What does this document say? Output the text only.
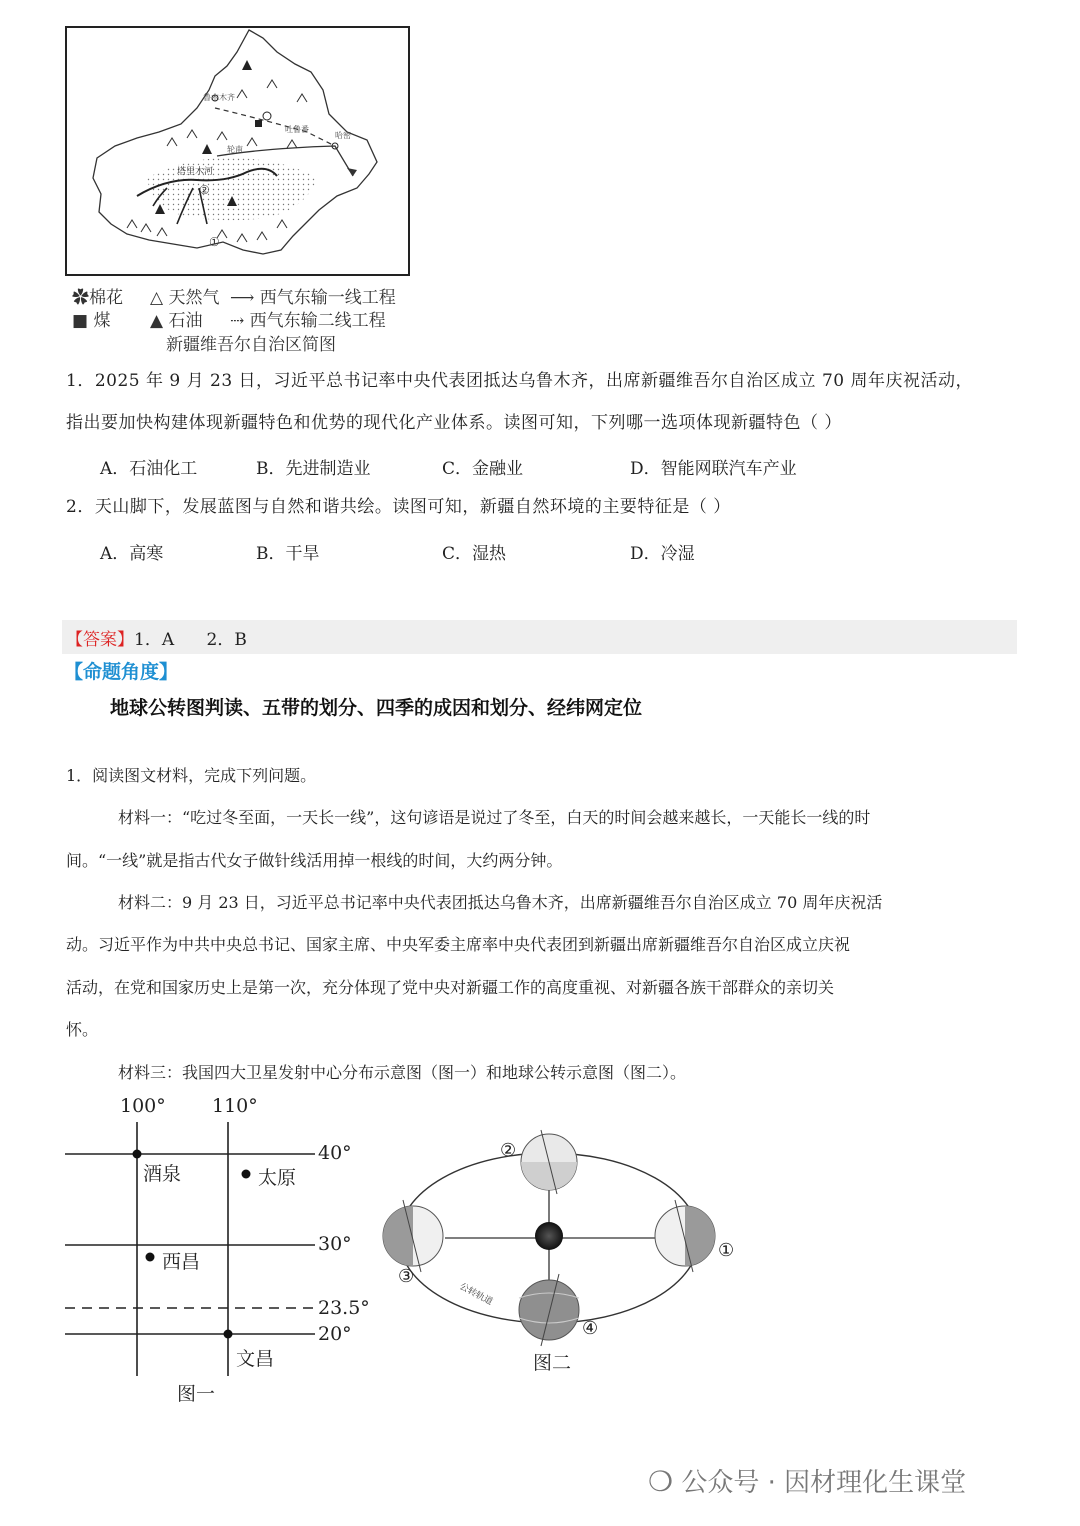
鲁木木齐
吐鲁番
哈密
轮南
塔里木河
②
①
✿棉花 △ 天然气 ⟶ 西气东输一线工程
■ 煤 ▲ 石油 ⇢ 西气东输二线工程
新疆维吾尔自治区简图
1．2025 年 9 月 23 日，习近平总书记率中央代表团抵达乌鲁木齐，出席新疆维吾尔自治区成立 70 周年庆祝活动，
指出要加快构建体现新疆特色和优势的现代化产业体系。读图可知，下列哪一选项体现新疆特色（ ）
A．石油化工	B．先进制造业	C．金融业	D．智能网联汽车产业
2．天山脚下，发展蓝图与自然和谐共绘。读图可知，新疆自然环境的主要特征是（ ）
A．高寒	B．干旱	C．湿热	D．冷湿
【答案】1．A      2．B
【命题角度】
地球公转图判读、五带的划分、四季的成因和划分、经纬网定位
1．阅读图文材料，完成下列问题。
材料一：“吃过冬至面，一天长一线”，这句谚语是说过了冬至，白天的时间会越来越长，一天能长一线的时
间。“一线”就是指古代女子做针线活用掉一根线的时间，大约两分钟。
材料二：9 月 23 日，习近平总书记率中央代表团抵达乌鲁木齐，出席新疆维吾尔自治区成立 70 周年庆祝活
动。习近平作为中共中央总书记、国家主席、中央军委主席率中央代表团到新疆出席新疆维吾尔自治区成立庆祝
活动，在党和国家历史上是第一次，充分体现了党中央对新疆工作的高度重视、对新疆各族干部群众的亲切关
怀。
材料三：我国四大卫星发射中心分布示意图（图一）和地球公转示意图（图二）。
100° 110°
40°
30°
23.5°
20°
酒泉	太原
西昌
文昌
图一
公转轨道
②
①
③
④
图二
❍ 公众号 · 因材理化生课堂
